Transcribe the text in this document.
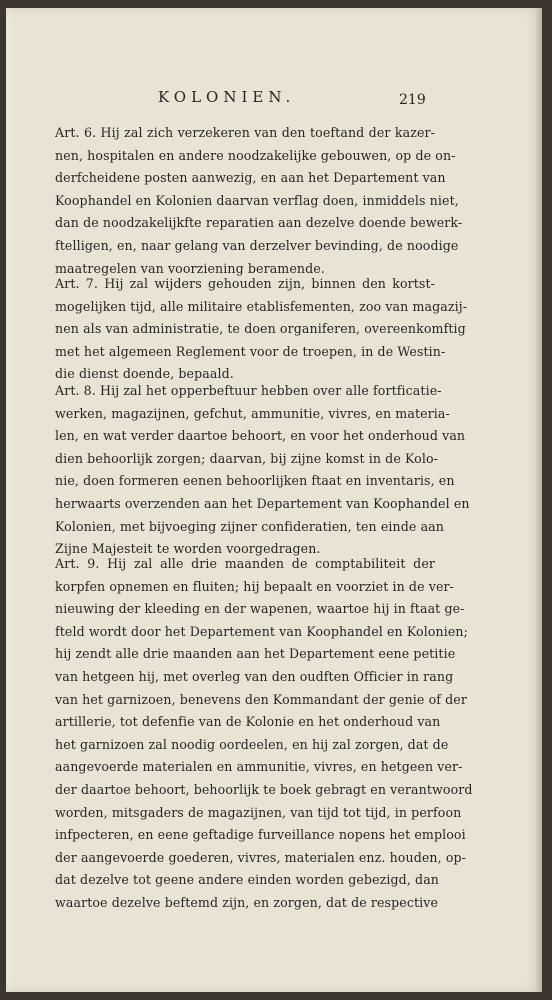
KOLONIEN.	219
Art. 6. Hij zal zich verzekeren van den toeftand der kazer-
nen, hospitalen en andere noodzakelijke gebouwen, op de on-
derfcheidene posten aanwezig, en aan het Departement van
Koophandel en Kolonien daarvan verflag doen, inmiddels niet,
dan de noodzakelijkfte reparatien aan dezelve doende bewerk-
ftelligen, en, naar gelang van derzelver bevinding, de noodige
maatregelen van voorziening beramende.
Art. 7. Hij zal wijders gehouden zijn, binnen den kortst-
mogelijken tijd, alle militaire etablisfementen, zoo van magazij-
nen als van administratie, te doen organiferen, overeenkomftig
met het algemeen Reglement voor de troepen, in de Westin-
die dienst doende, bepaald.
Art. 8. Hij zal het opperbeftuur hebben over alle fortficatie-
werken, magazijnen, gefchut, ammunitie, vivres, en materia-
len, en wat verder daartoe behoort, en voor het onderhoud van
dien behoorlijk zorgen; daarvan, bij zijne komst in de Kolo-
nie, doen formeren eenen behoorlijken ftaat en inventaris, en
herwaarts overzenden aan het Departement van Koophandel en
Kolonien, met bijvoeging zijner confideratien, ten einde aan
Zijne Majesteit te worden voorgedragen.
Art. 9. Hij zal alle drie maanden de comptabiliteit der
korpfen opnemen en fluiten; hij bepaalt en voorziet in de ver-
nieuwing der kleeding en der wapenen, waartoe hij in ftaat ge-
fteld wordt door het Departement van Koophandel en Kolonien;
hij zendt alle drie maanden aan het Departement eene petitie
van hetgeen hij, met overleg van den oudften Officier in rang
van het garnizoen, benevens den Kommandant der genie of der
artillerie, tot defenfie van de Kolonie en het onderhoud van
het garnizoen zal noodig oordeelen, en hij zal zorgen, dat de
aangevoerde materialen en ammunitie, vivres, en hetgeen ver-
der daartoe behoort, behoorlijk te boek gebragt en verantwoord
worden, mitsgaders de magazijnen, van tijd tot tijd, in perfoon
infpecteren, en eene geftadige furveillance nopens het emplooi
der aangevoerde goederen, vivres, materialen enz. houden, op-
dat dezelve tot geene andere einden worden gebezigd, dan
waartoe dezelve beftemd zijn, en zorgen, dat de respective
